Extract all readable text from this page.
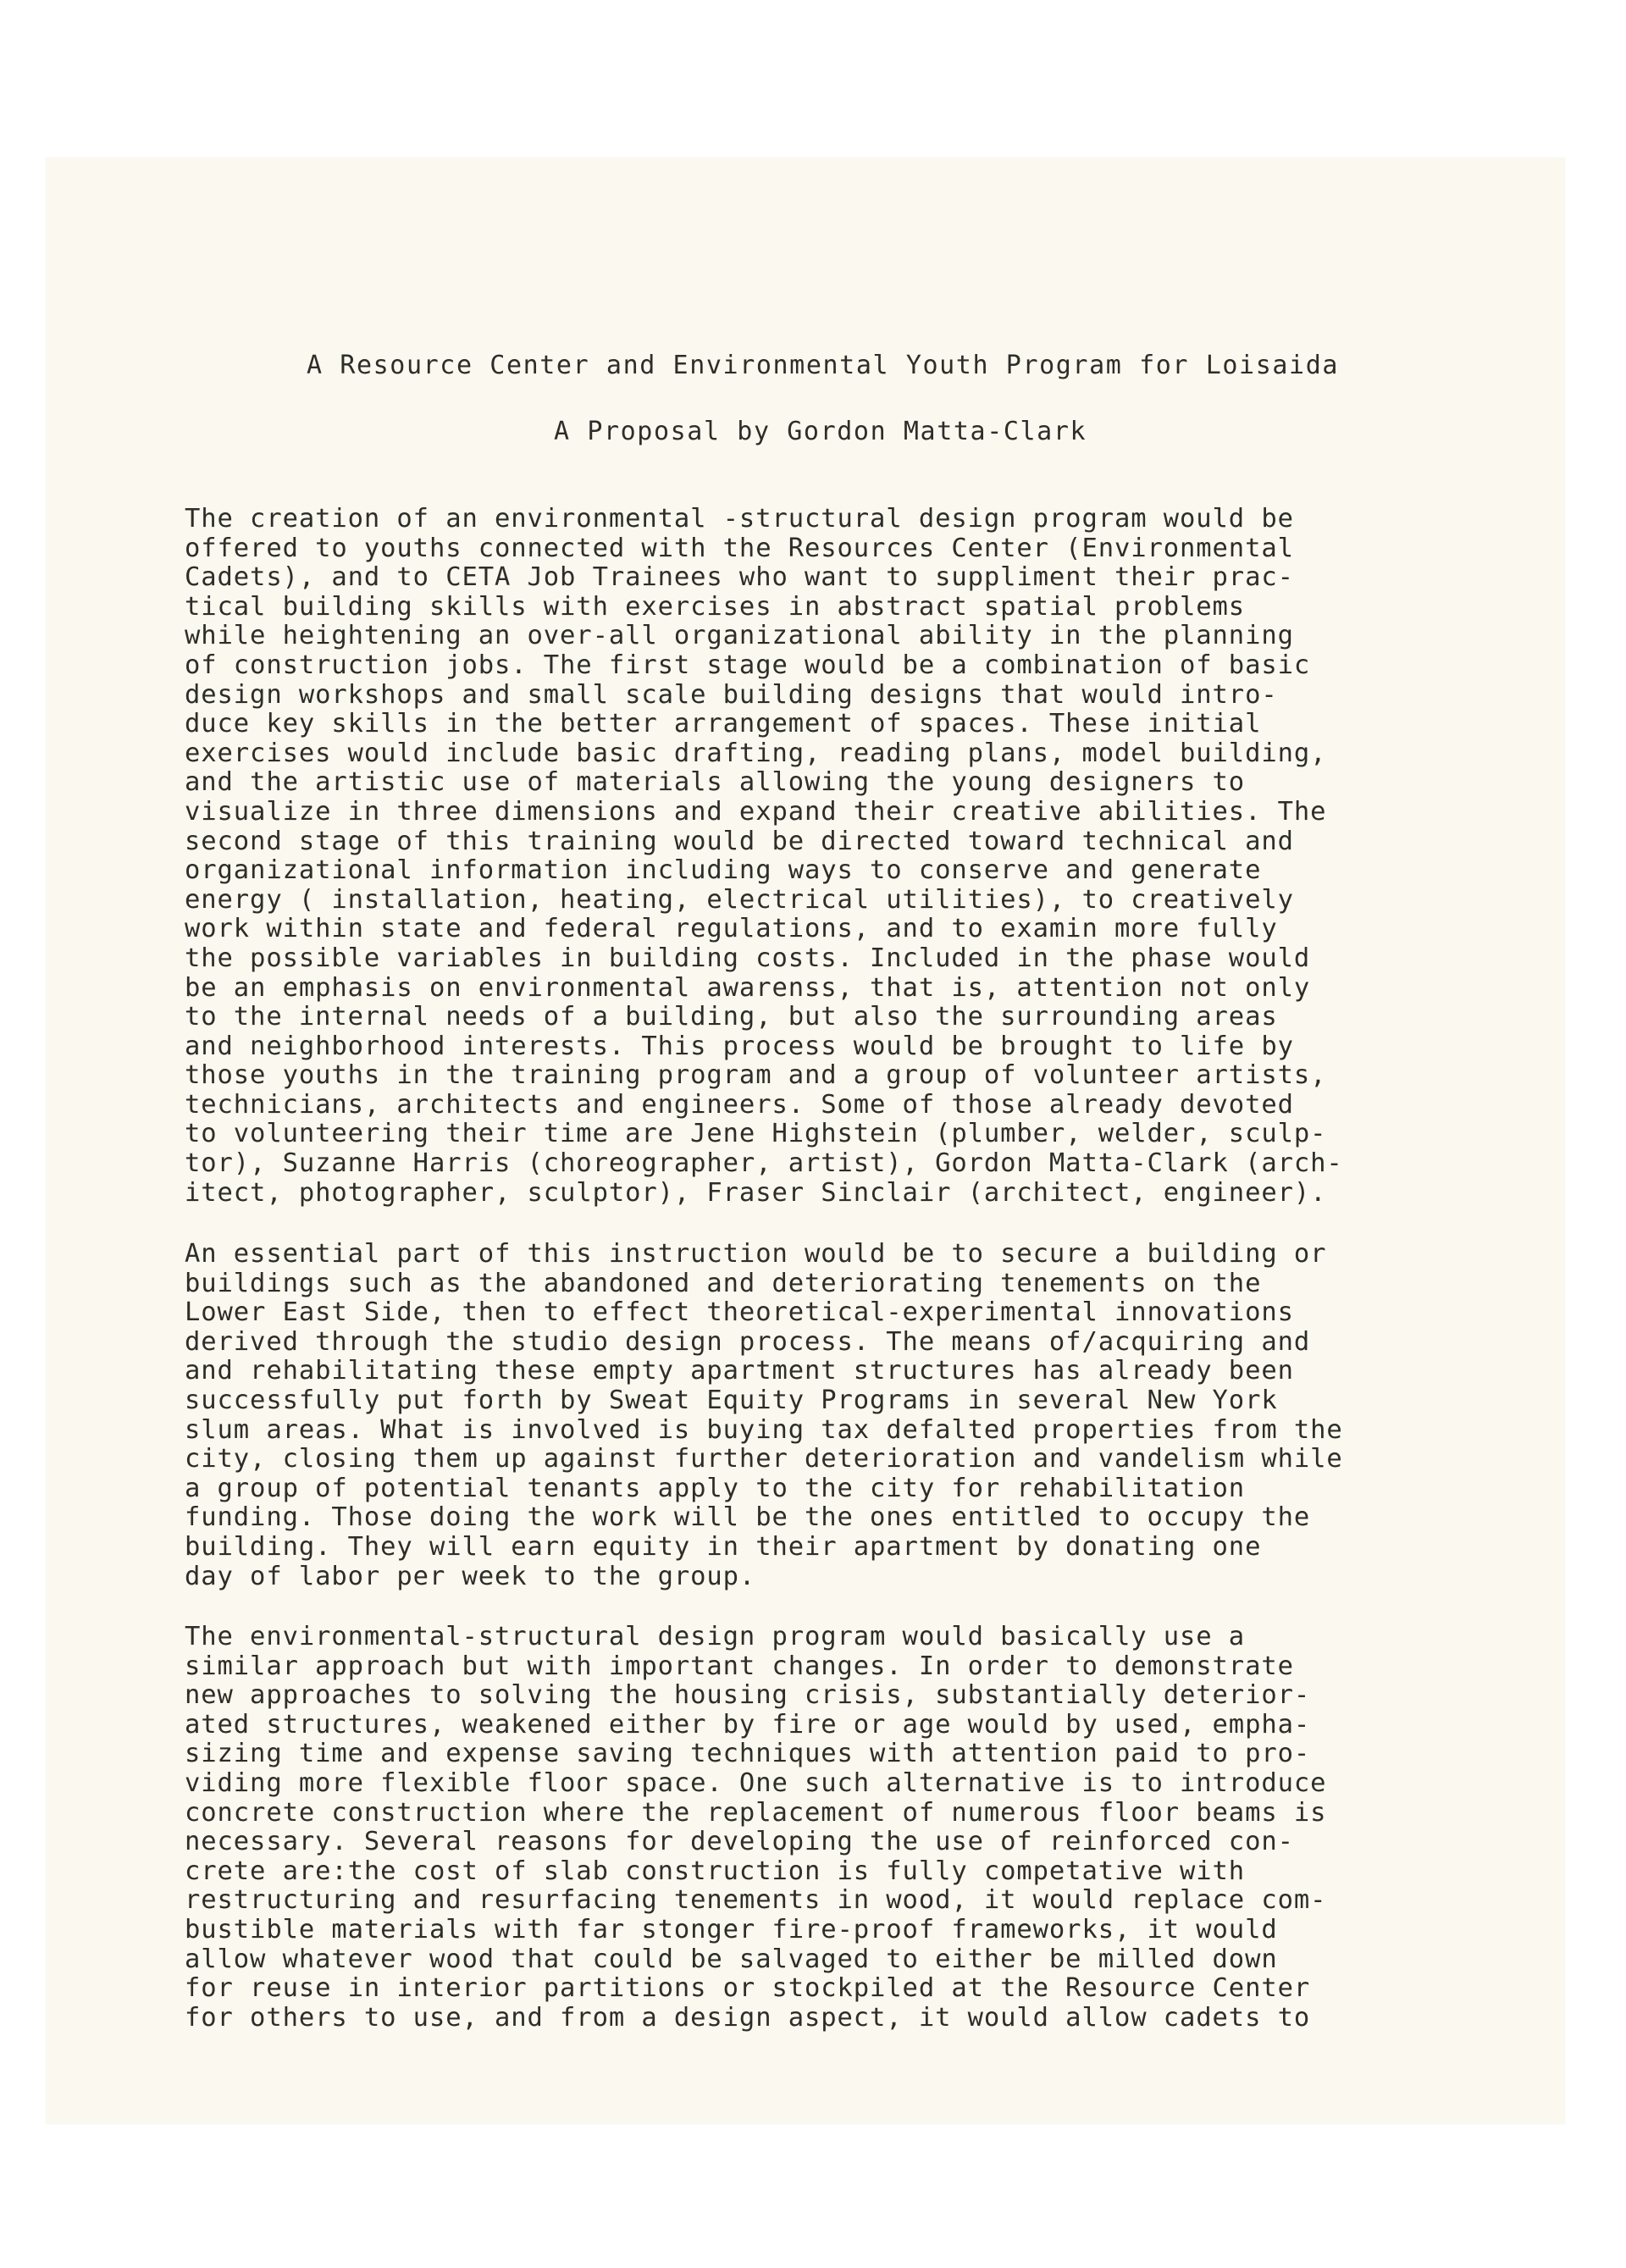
A Resource Center and Environmental Youth Program for Loisaida
A Proposal by Gordon Matta-Clark
The creation of an environmental -structural design program would be
offered to youths connected with the Resources Center (Environmental
Cadets), and to CETA Job Trainees who want to suppliment their prac-
tical building skills with exercises in abstract spatial problems
while heightening an over-all organizational ability in the planning
of construction jobs. The first stage would be a combination of basic
design workshops and small scale building designs that would intro-
duce key skills in the better arrangement of spaces. These initial
exercises would include basic drafting, reading plans, model building,
and the artistic use of materials allowing the young designers to
visualize in three dimensions and expand their creative abilities. The
second stage of this training would be directed toward technical and
organizational information including ways to conserve and generate
energy ( installation, heating, electrical utilities), to creatively
work within state and federal regulations, and to examin more fully
the possible variables in building costs. Included in the phase would
be an emphasis on environmental awarenss, that is, attention not only
to the internal needs of a building, but also the surrounding areas
and neighborhood interests. This process would be brought to life by
those youths in the training program and a group of volunteer artists,
technicians, architects and engineers. Some of those already devoted
to volunteering their time are Jene Highstein (plumber, welder, sculp-
tor), Suzanne Harris (choreographer, artist), Gordon Matta-Clark (arch-
itect, photographer, sculptor), Fraser Sinclair (architect, engineer).
An essential part of this instruction would be to secure a building or
buildings such as the abandoned and deteriorating tenements on the
Lower East Side, then to effect theoretical-experimental innovations
derived through the studio design process. The means of/acquiring and
and rehabilitating these empty apartment structures has already been
successfully put forth by Sweat Equity Programs in several New York
slum areas. What is involved is buying tax defalted properties from the
city, closing them up against further deterioration and vandelism while
a group of potential tenants apply to the city for rehabilitation
funding. Those doing the work will be the ones entitled to occupy the
building. They will earn equity in their apartment by donating one
day of labor per week to the group.
The environmental-structural design program would basically use a
similar approach but with important changes. In order to demonstrate
new approaches to solving the housing crisis, substantially deterior-
ated structures, weakened either by fire or age would by used, empha-
sizing time and expense saving techniques with attention paid to pro-
viding more flexible floor space. One such alternative is to introduce
concrete construction where the replacement of numerous floor beams is
necessary. Several reasons for developing the use of reinforced con-
crete are:the cost of slab construction is fully competative with
restructuring and resurfacing tenements in wood, it would replace com-
bustible materials with far stonger fire-proof frameworks, it would
allow whatever wood that could be salvaged to either be milled down
for reuse in interior partitions or stockpiled at the Resource Center
for others to use, and from a design aspect, it would allow cadets to
